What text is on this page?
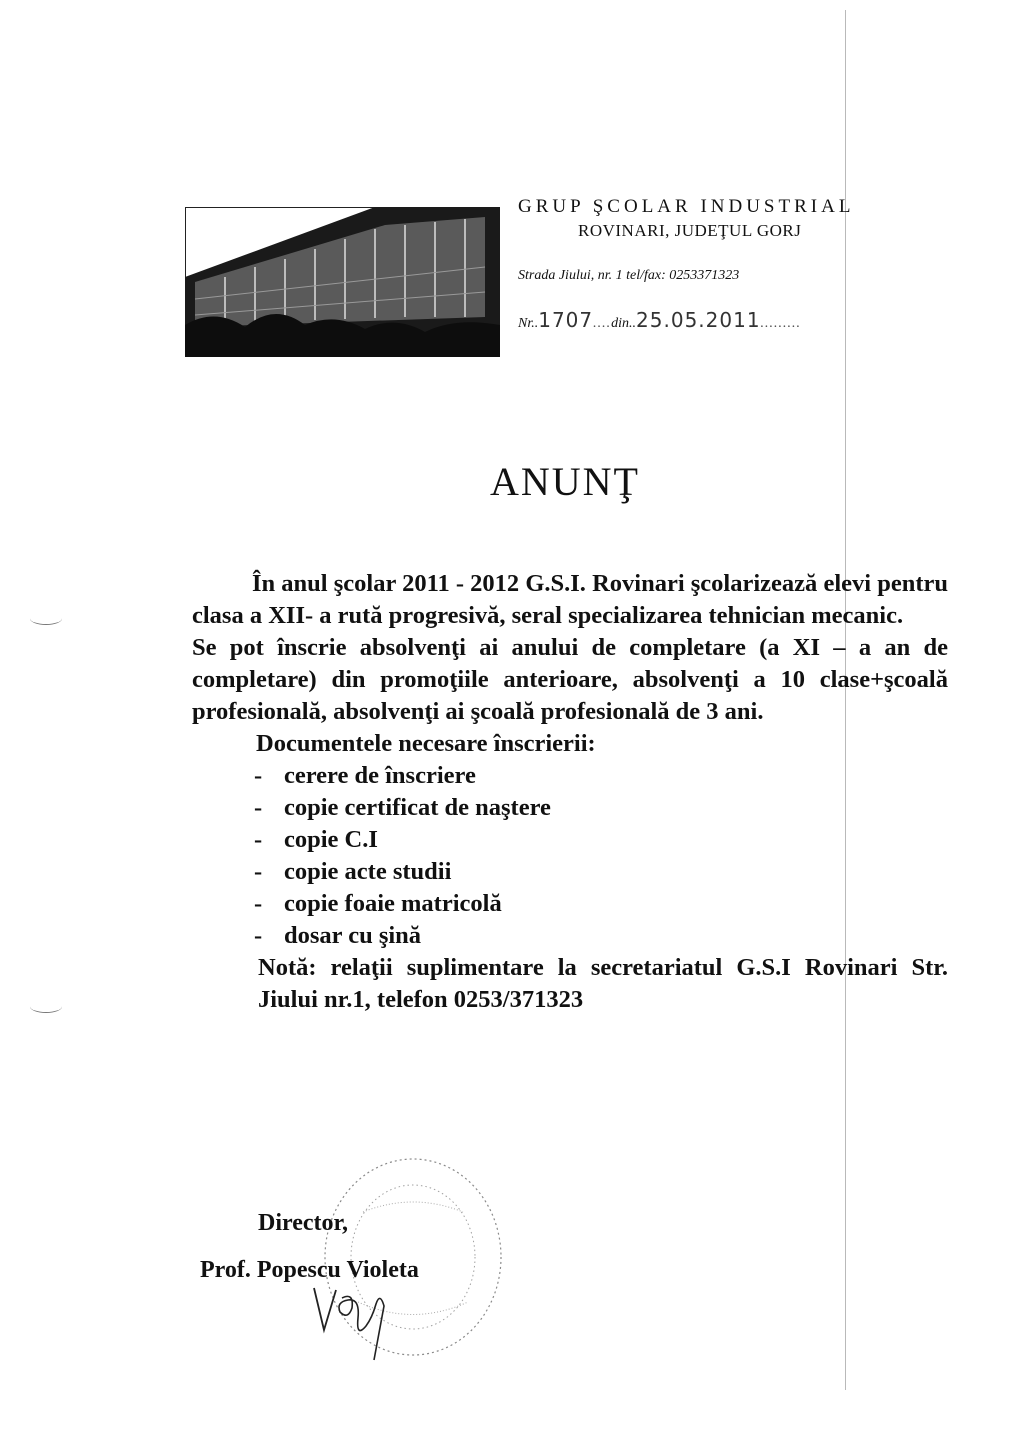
GRUP ŞCOLAR INDUSTRIAL
ROVINARI, JUDEŢUL GORJ
Strada Jiului, nr. 1 tel/fax: 0253371323
Nr..1707....din..25.05.2011.........
ANUNŢ

În anul şcolar 2011 - 2012 G.S.I. Rovinari şcolarizează elevi pentru clasa a XII- a rută progresivă, seral specializarea tehnician mecanic.

Se pot înscrie absolvenţi ai anului de completare (a XI – a an de completare) din promoţiile anterioare, absolvenţi a 10 clase+şcoală profesională, absolvenţi ai şcoală profesională de 3 ani.

Documentele necesare înscrierii:

- cerere de înscriere
- copie certificat de naştere
- copie C.I
- copie acte studii
- copie foaie matricolă
- dosar cu şină

Notă: relaţii suplimentare la secretariatul G.S.I Rovinari Str. Jiului nr.1, telefon 0253/371323

Director,
Prof. Popescu Violeta
